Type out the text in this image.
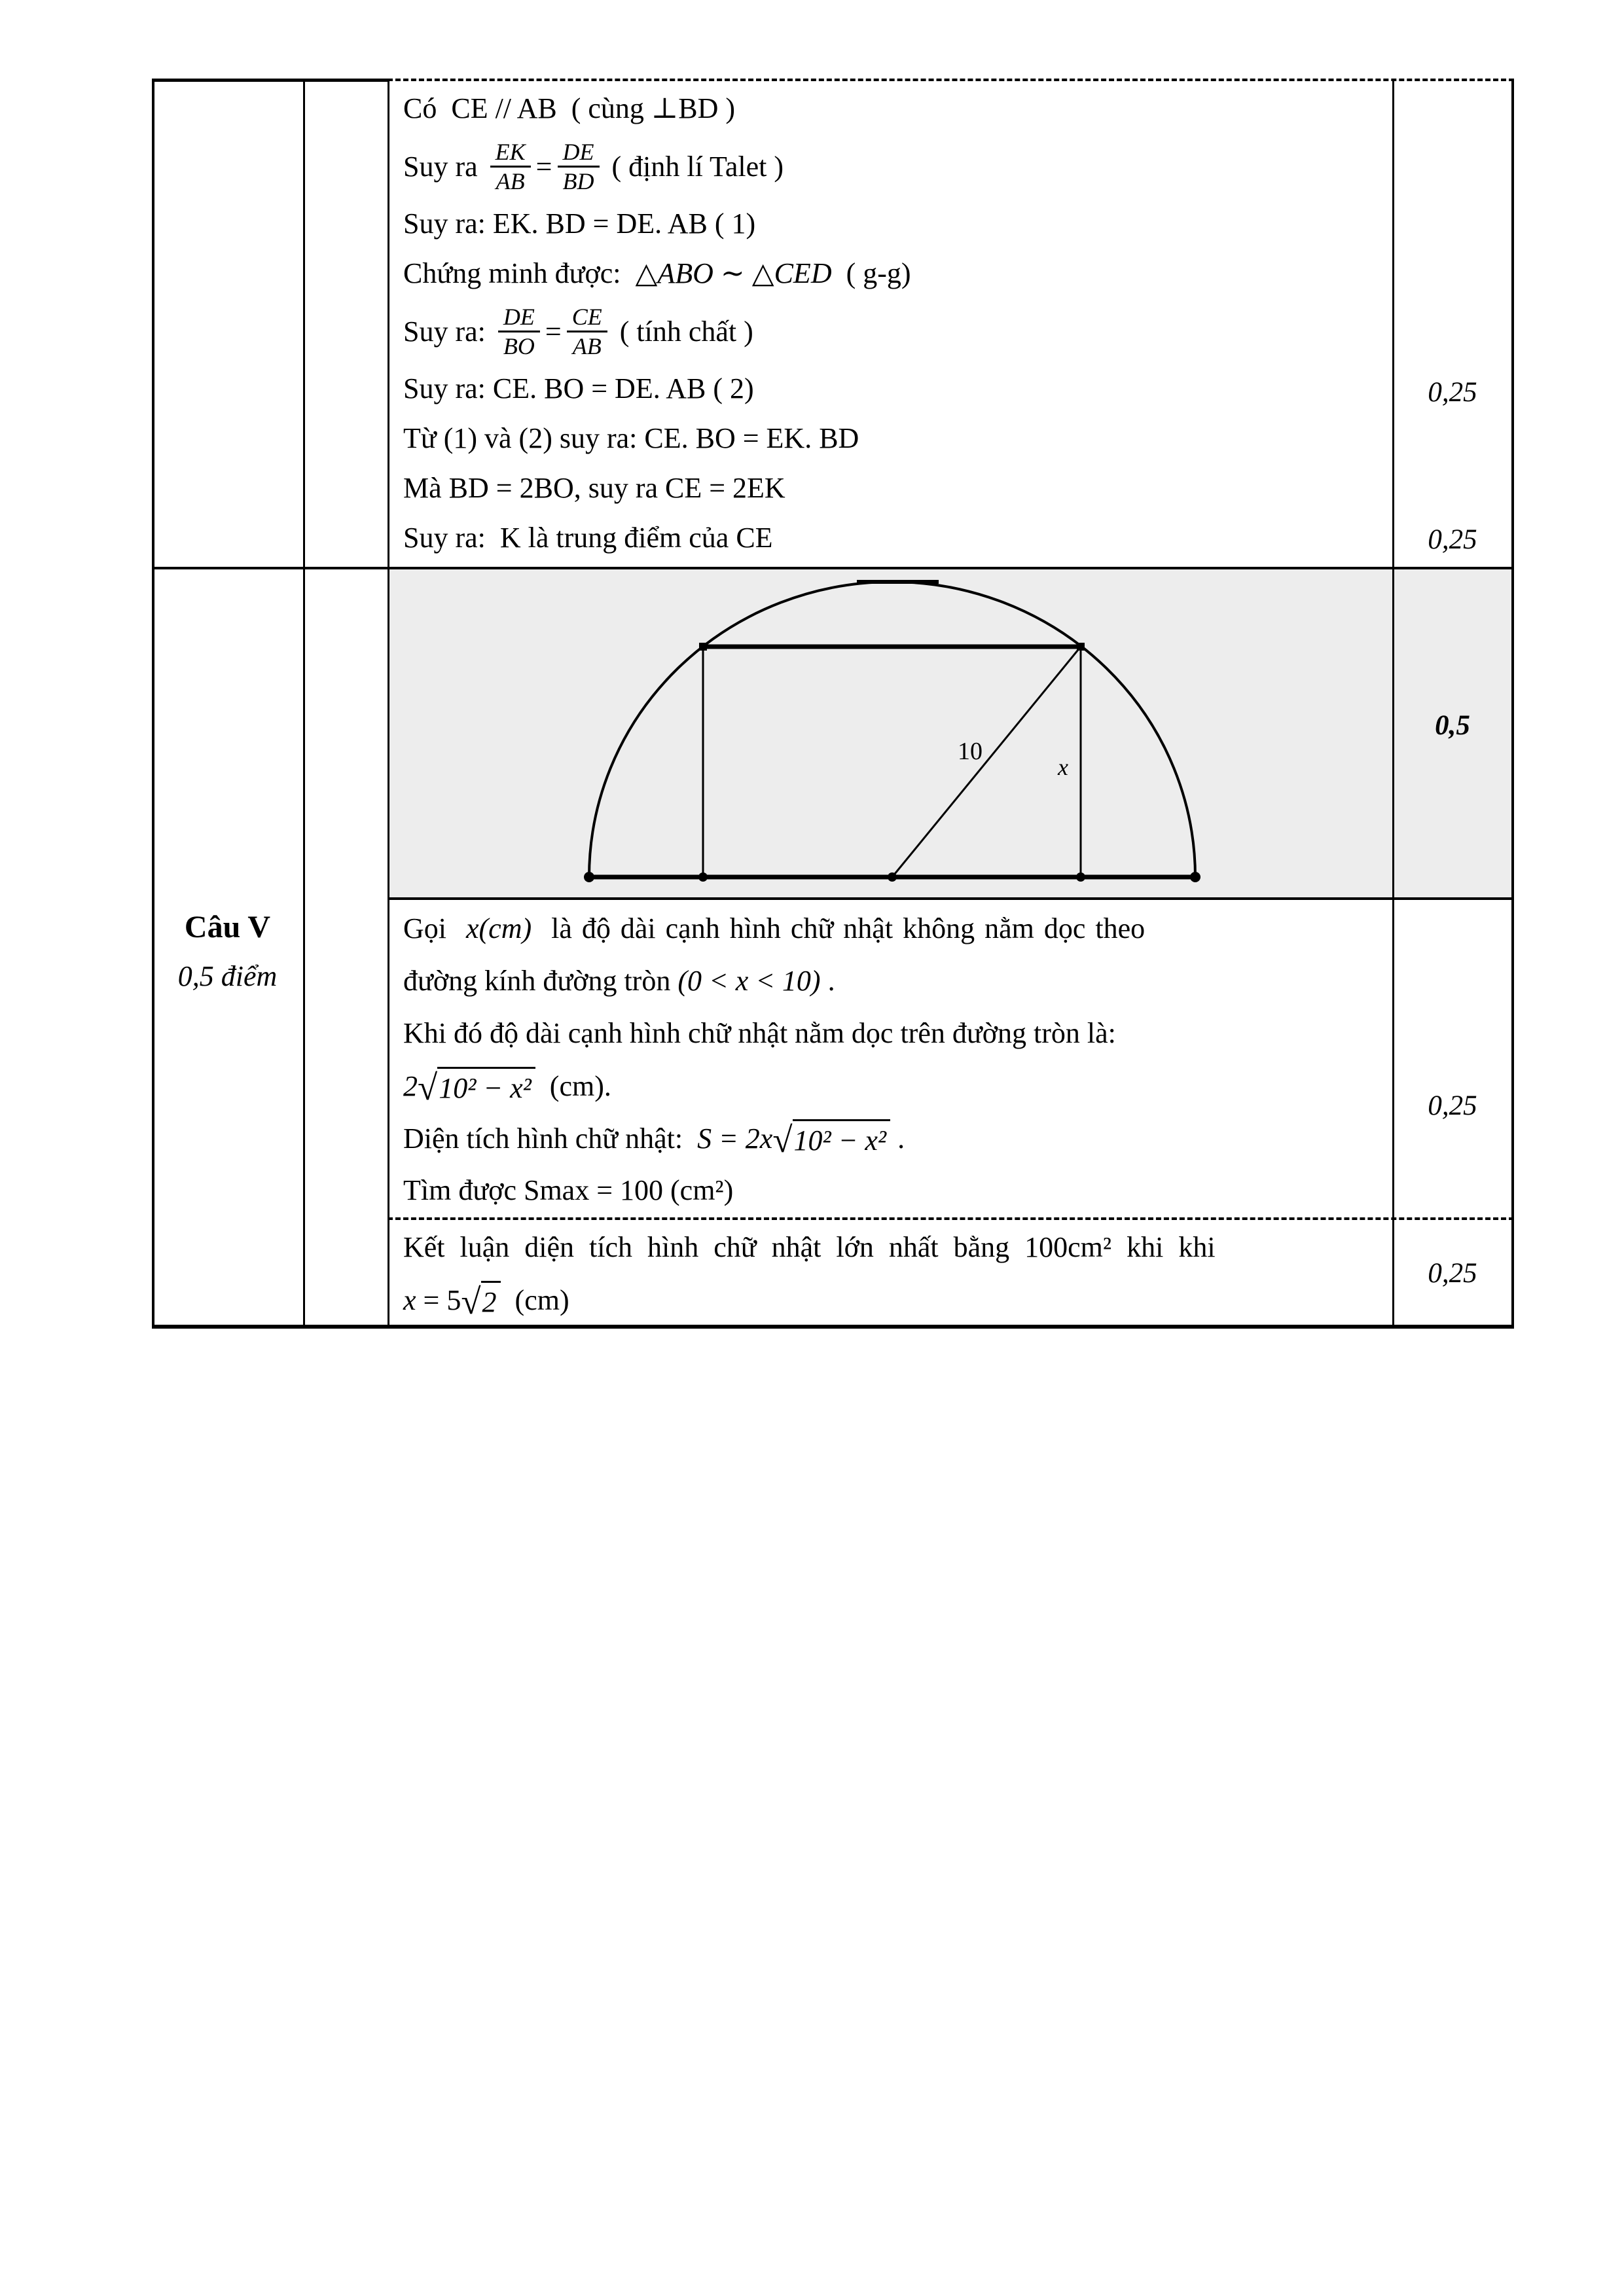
Câu V
0,5 điểm
Có  CE // AB  ( cùng ⊥BD )
Suy ra $\frac{EK}{AB} = \frac{DE}{BD}$ ( định lí Talet )
Suy ra: EK. BD = DE. AB ( 1)
Chứng minh được:  △ABO ∼ △CED  ( g-g)
Suy ra: $\frac{DE}{BO} = \frac{CE}{AB}$ ( tính chất )
Suy ra: CE. BO = DE. AB ( 2)
Từ (1) và (2) suy ra: CE. BO = EK. BD
Mà BD = 2BO, suy ra CE = 2EK
Suy ra:  K là trung điểm của CE
0,25
0,25
10
x
0,5
Gọi  x(cm)  là độ dài cạnh hình chữ nhật không nằm dọc theo
đường kính đường tròn (0 < x < 10) .
Khi đó độ dài cạnh hình chữ nhật nằm dọc trên đường tròn là:
2 √ 10² − x² (cm).
Diện tích hình chữ nhật: S = 2x √ 10² − x² .
Tìm được Smax = 100 (cm²)
0,25
Kết luận diện tích hình chữ nhật lớn nhất bằng 100cm² khi khi
x = 5 √ 2 (cm)
0,25
